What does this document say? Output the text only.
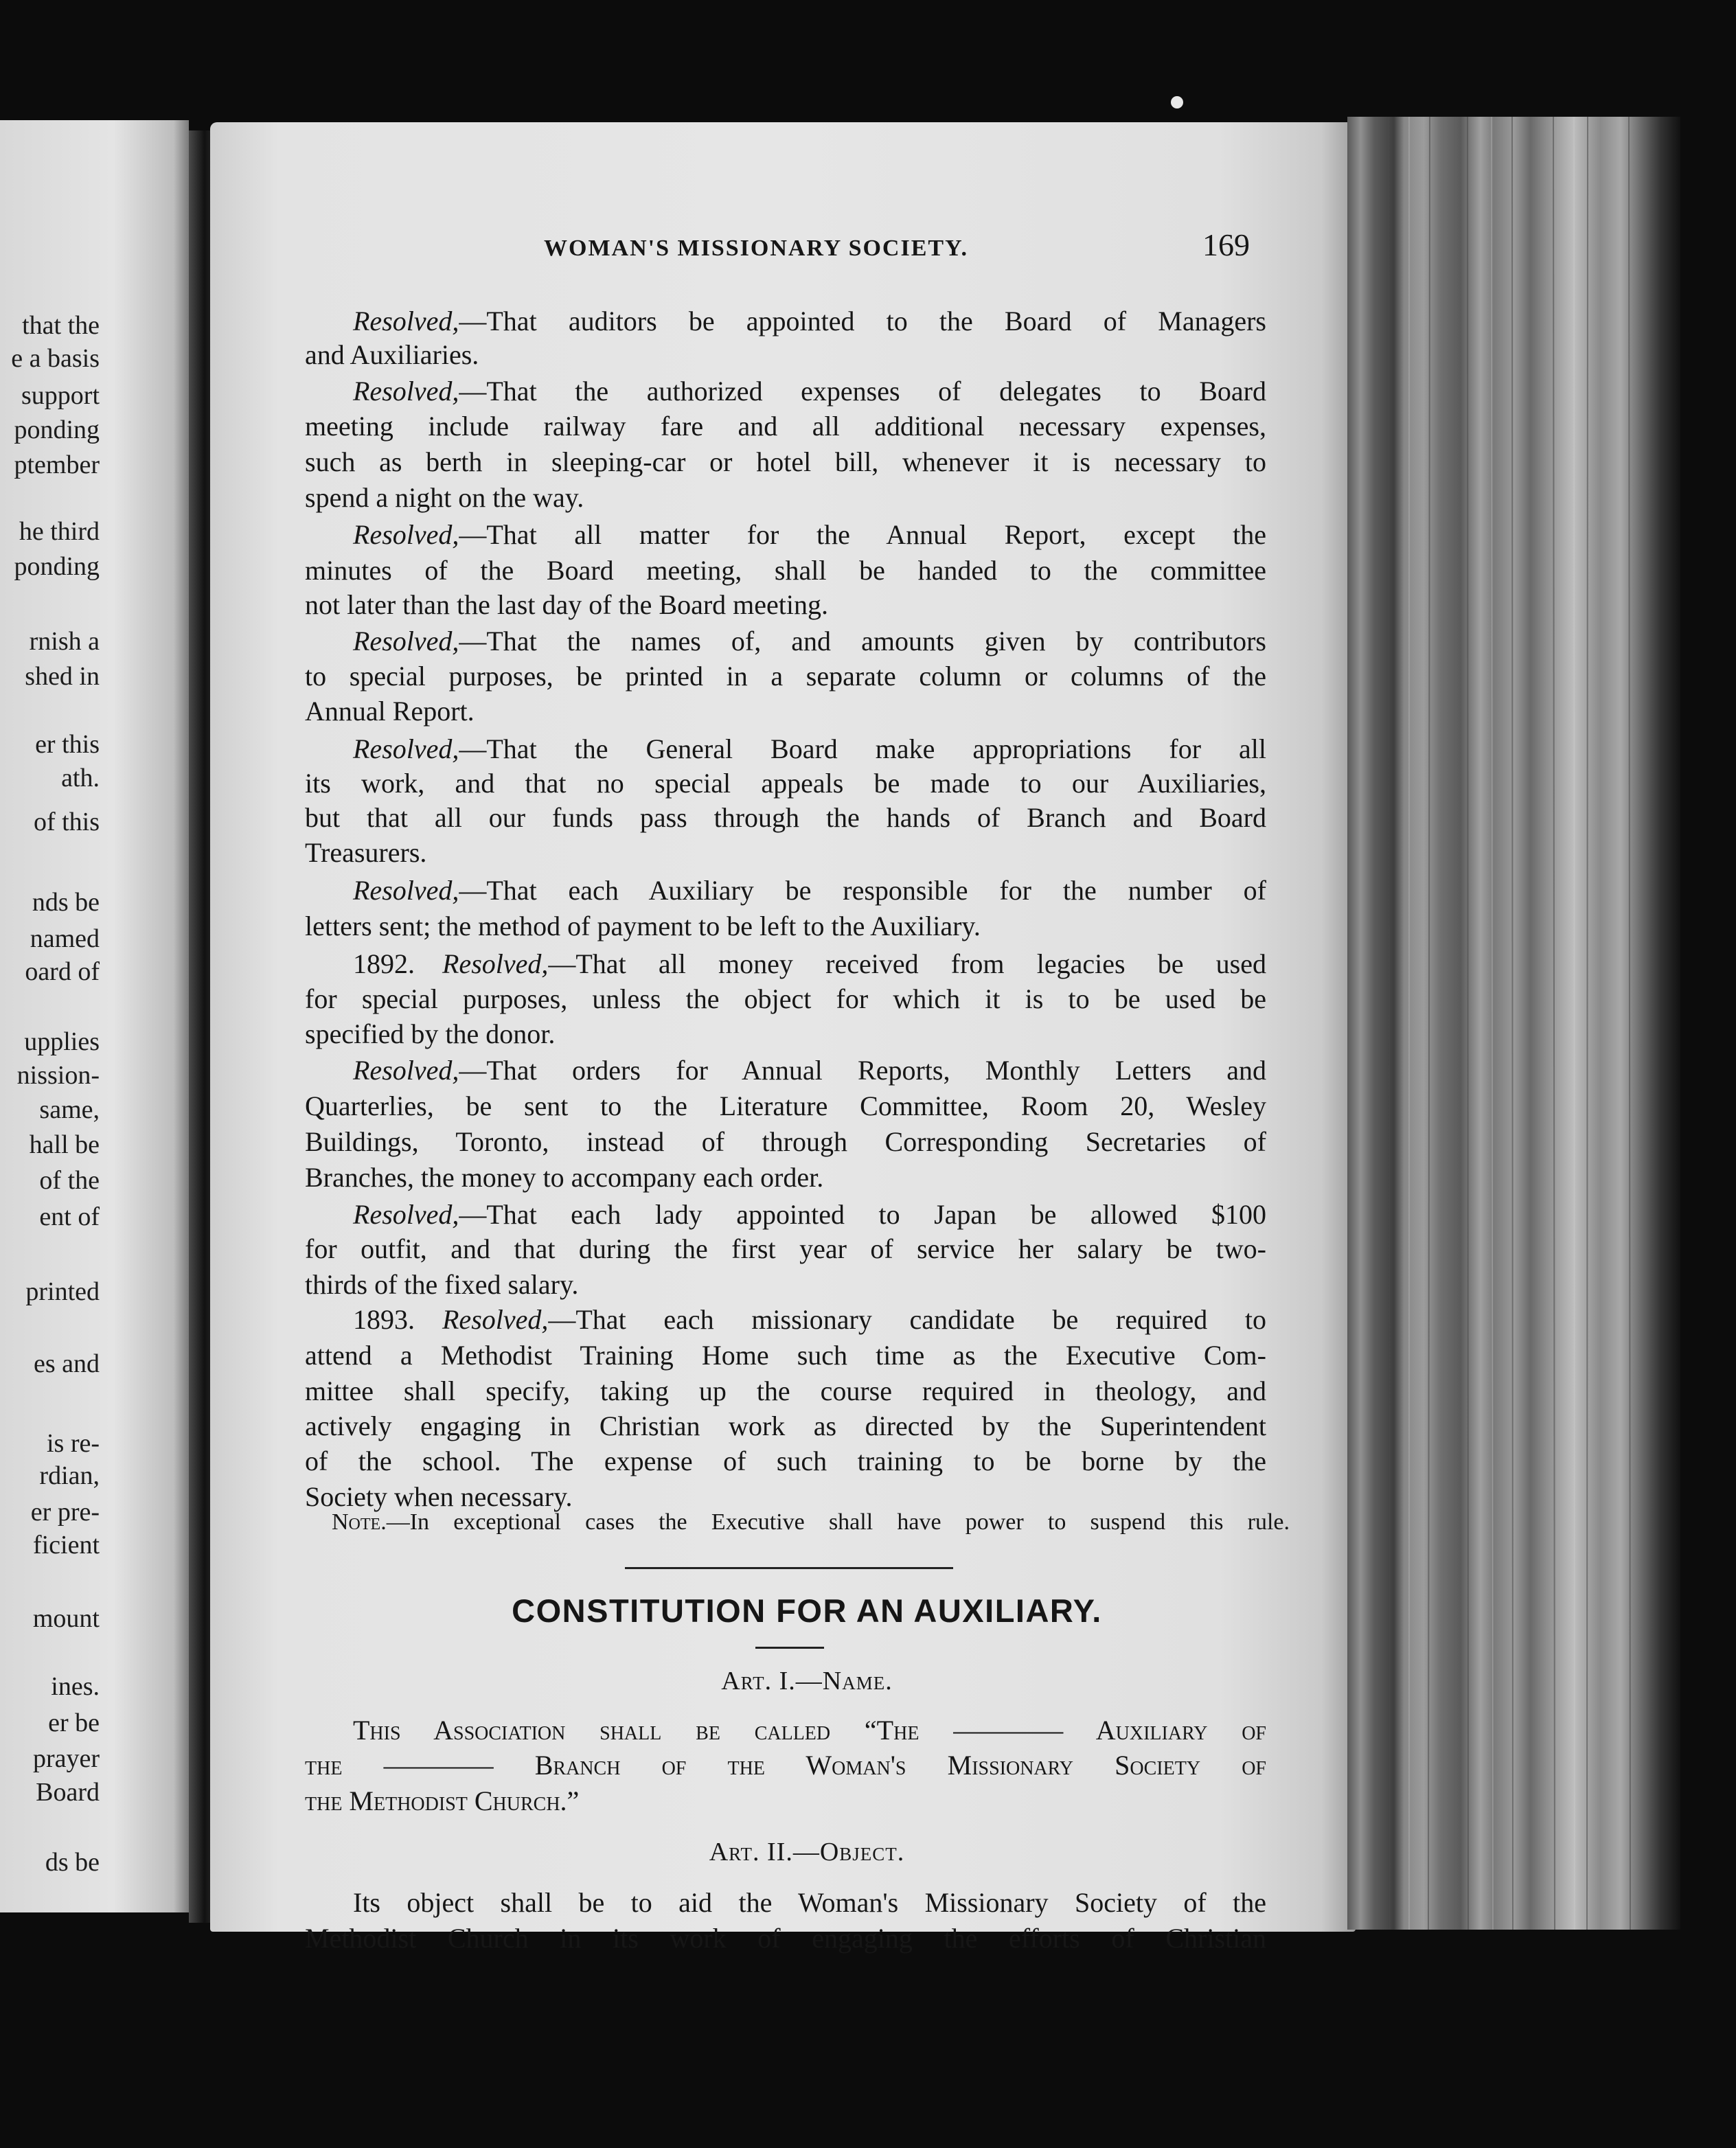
that the
e a basis
support
ponding
ptember
he third
ponding
rnish a
shed in
er this
ath.
of this
nds be
named
oard of
upplies
nission-
same,
hall be
of the
ent of
printed
es and
is re-
rdian,
er pre-
ficient
mount
ines.
er be
prayer
Board
ds be
WOMAN'S MISSIONARY SOCIETY.	169
Resolved,—That auditors be appointed to the Board of Managers
and Auxiliaries.
Resolved,—That the authorized expenses of delegates to Board
meeting include railway fare and all additional necessary expenses,
such as berth in sleeping-car or hotel bill, whenever it is necessary to
spend a night on the way.
Resolved,—That all matter for the Annual Report, except the
minutes of the Board meeting, shall be handed to the committee
not later than the last day of the Board meeting.
Resolved,—That the names of, and amounts given by contributors
to special purposes, be printed in a separate column or columns of the
Annual Report.
Resolved,—That the General Board make appropriations for all
its work, and that no special appeals be made to our Auxiliaries,
but that all our funds pass through the hands of Branch and Board
Treasurers.
Resolved,—That each Auxiliary be responsible for the number of
letters sent; the method of payment to be left to the Auxiliary.
1892.  Resolved,—That all money received from legacies be used
for special purposes, unless the object for which it is to be used be
specified by the donor.
Resolved,—That orders for Annual Reports, Monthly Letters and
Quarterlies, be sent to the Literature Committee, Room 20, Wesley
Buildings, Toronto, instead of through Corresponding Secretaries of
Branches, the money to accompany each order.
Resolved,—That each lady appointed to Japan be allowed $100
for outfit, and that during the first year of service her salary be two-
thirds of the fixed salary.
1893.  Resolved,—That each missionary candidate be required to
attend a Methodist Training Home such time as the Executive Com-
mittee shall specify, taking up the course required in theology, and
actively engaging in Christian work as directed by the Superintendent
of the school. The expense of such training to be borne by the
Society when necessary.
Note.—In exceptional cases the Executive shall have power to suspend this rule.
CONSTITUTION FOR AN AUXILIARY.
Art. I.—Name.
This Association shall be called “The ———— Auxiliary of
the ———— Branch of the Woman's Missionary Society of
the Methodist Church.”
Art. II.—Object.
Its object shall be to aid the Woman's Missionary Society of the
Methodist Church in its work of engaging the efforts of Christian
